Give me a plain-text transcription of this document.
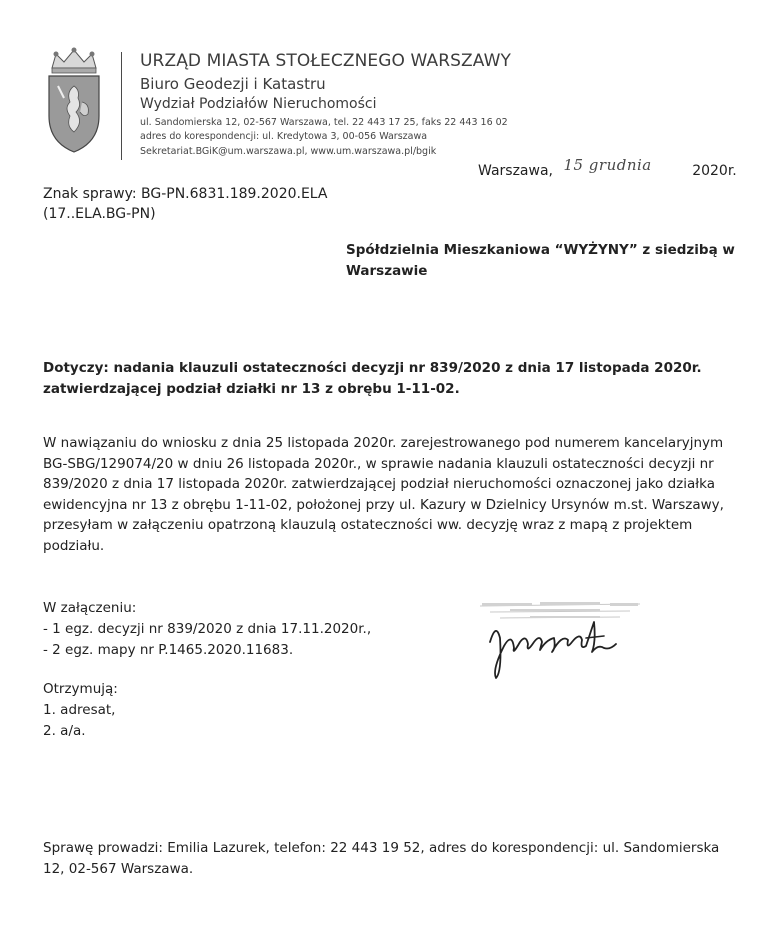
URZĄD MIASTA STOŁECZNEGO WARSZAWY
Biuro Geodezji i Katastru
Wydział Podziałów Nieruchomości
ul. Sandomierska 12, 02-567 Warszawa, tel. 22 443 17 25, faks 22 443 16 02
adres do korespondencji: ul. Kredytowa 3, 00-056 Warszawa
Sekretariat.BGiK@um.warszawa.pl, www.um.warszawa.pl/bgik
Warszawa, 15 grudnia	2020r.
Znak sprawy: BG-PN.6831.189.2020.ELA
(17..ELA.BG-PN)
Spółdzielnia Mieszkaniowa “WYŻYNY” z siedzibą w
Warszawie
Dotyczy: nadania klauzuli ostateczności decyzji nr 839/2020 z dnia 17 listopada 2020r.
zatwierdzającej podział działki nr 13 z obrębu 1-11-02.
W nawiązaniu do wniosku z dnia 25 listopada 2020r. zarejestrowanego pod numerem kancelaryjnym
BG-SBG/129074/20 w dniu 26 listopada 2020r., w sprawie nadania klauzuli ostateczności decyzji nr
839/2020 z dnia 17 listopada 2020r. zatwierdzającej podział nieruchomości oznaczonej jako działka
ewidencyjna nr 13 z obrębu 1-11-02, położonej przy ul. Kazury w Dzielnicy Ursynów m.st. Warszawy,
przesyłam w załączeniu opatrzoną klauzulą ostateczności ww. decyzję wraz z mapą z projektem
podziału.
W załączeniu:
- 1 egz. decyzji nr 839/2020 z dnia 17.11.2020r.,
- 2 egz. mapy nr P.1465.2020.11683.
Otrzymują:
1. adresat,
2. a/a.
Sprawę prowadzi: Emilia Lazurek, telefon: 22 443 19 52, adres do korespondencji: ul. Sandomierska
12, 02-567 Warszawa.
